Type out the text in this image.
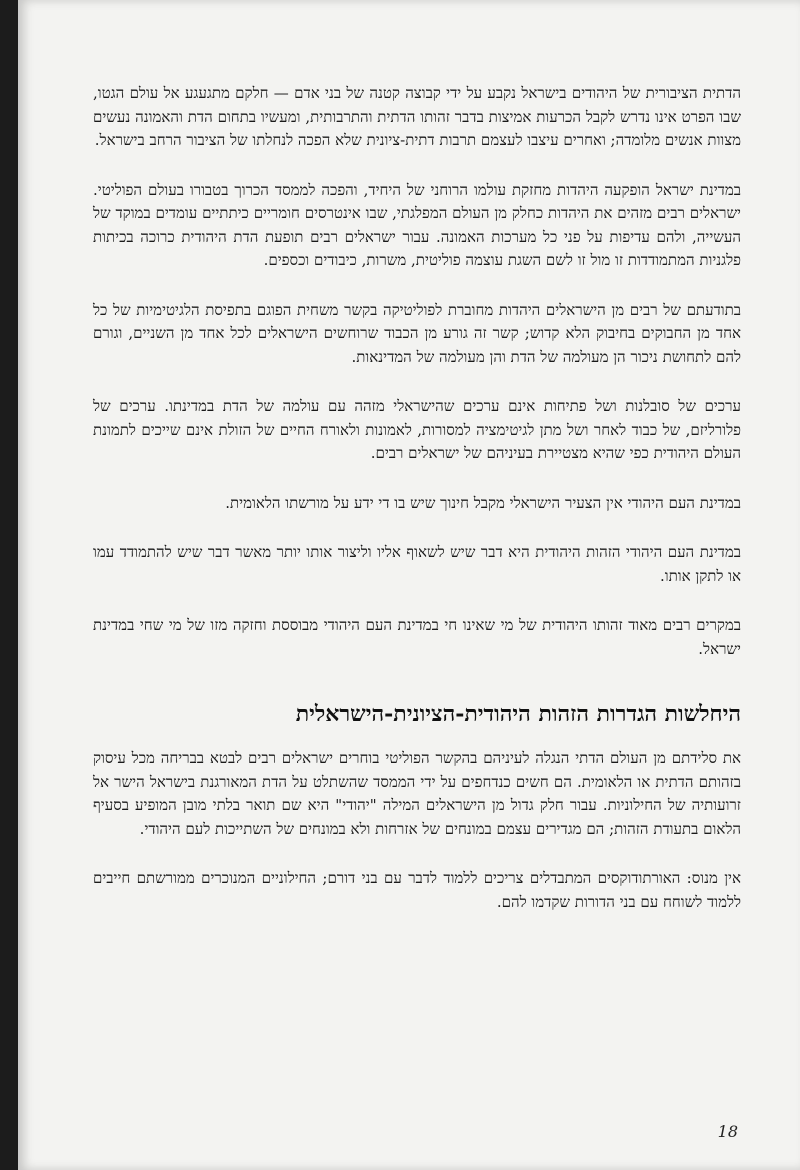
הדתית הציבורית של היהודים בישראל נקבע על ידי קבוצה קטנה של בני אדם — חלקם מתגעגע אל עולם הגטו, שבו הפרט אינו נדרש לקבל הכרעות אמיצות בדבר זהותו הדתית והתרבותית, ומעשיו בתחום הדת והאמונה נעשים מצוות אנשים מלומדה; ואחרים עיצבו לעצמם תרבות דתית-ציונית שלא הפכה לנחלתו של הציבור הרחב בישראל.

במדינת ישראל הופקעה היהדות מחזקת עולמו הרוחני של היחיד, והפכה לממסד הכרוך בטבורו בעולם הפוליטי. ישראלים רבים מזהים את היהדות כחלק מן העולם המפלגתי, שבו אינטרסים חומריים כיתתיים עומדים במוקד של העשייה, ולהם עדיפות על פני כל מערכות האמונה. עבור ישראלים רבים תופעת הדת היהודית כרוכה בכיתות פלגניות המתמודדות זו מול זו לשם השגת עוצמה פוליטית, משרות, כיבודים וכספים.

בתודעתם של רבים מן הישראלים היהדות מחוברת לפוליטיקה בקשר משחית הפוגם בתפיסת הלגיטימיות של כל אחד מן החבוקים בחיבוק הלא קדוש; קשר זה גורע מן הכבוד שרוחשים הישראלים לכל אחד מן השניים, וגורם להם לתחושת ניכור הן מעולמה של הדת והן מעולמה של המדינאות.

ערכים של סובלנות ושל פתיחות אינם ערכים שהישראלי מזהה עם עולמה של הדת במדינתו. ערכים של פלורליזם, של כבוד לאחר ושל מתן לגיטימציה למסורות, לאמונות ולאורח החיים של הזולת אינם שייכים לתמונת העולם היהודית כפי שהיא מצטיירת בעיניהם של ישראלים רבים.

במדינת העם היהודי אין הצעיר הישראלי מקבל חינוך שיש בו די ידע על מורשתו הלאומית.

במדינת העם היהודי הזהות היהודית היא דבר שיש לשאוף אליו וליצור אותו יותר מאשר דבר שיש להתמודד עמו או לתקן אותו.

במקרים רבים מאוד זהותו היהודית של מי שאינו חי במדינת העם היהודי מבוססת וחזקה מזו של מי שחי במדינת ישראל.

היחלשות הגדרות הזהות היהודית-הציונית-הישראלית

את סלידתם מן העולם הדתי הנגלה לעיניהם בהקשר הפוליטי בוחרים ישראלים רבים לבטא בבריחה מכל עיסוק בזהותם הדתית או הלאומית. הם חשים כנדחפים על ידי הממסד שהשתלט על הדת המאורגנת בישראל הישר אל זרועותיה של החילוניות. עבור חלק גדול מן הישראלים המילה "יהודי" היא שם תואר בלתי מובן המופיע בסעיף הלאום בתעודת הזהות; הם מגדירים עצמם במונחים של אזרחות ולא במונחים של השתייכות לעם היהודי.

אין מנוס: האורתודוקסים המתבדלים צריכים ללמוד לדבר עם בני דורם; החילוניים המנוכרים ממורשתם חייבים ללמוד לשוחח עם בני הדורות שקדמו להם.

18
